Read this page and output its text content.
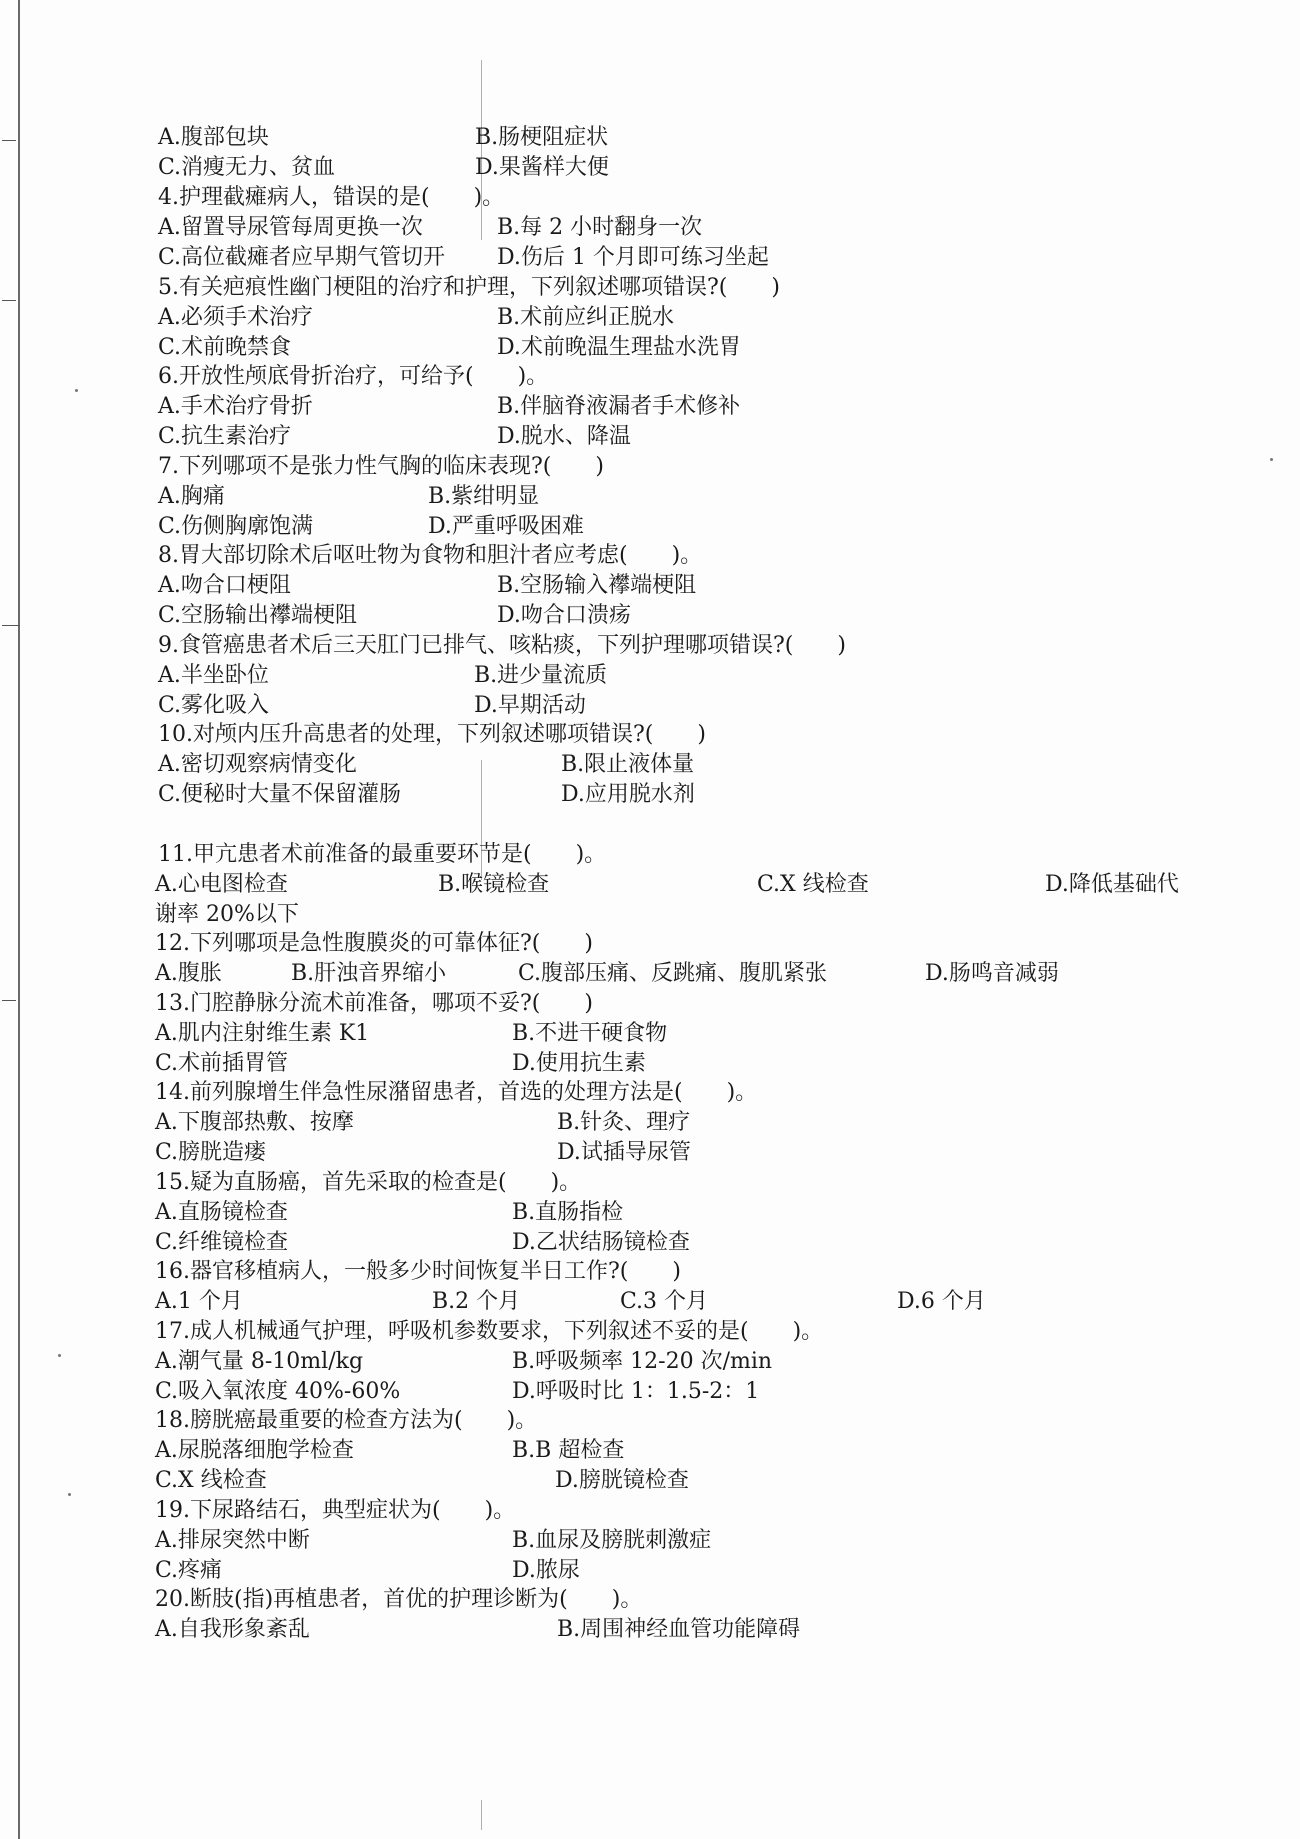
A.腹部包块	B.肠梗阻症状
C.消瘦无力、贫血	D.果酱样大便
4.护理截瘫病人，错误的是(　　)。
A.留置导尿管每周更换一次	B.每 2 小时翻身一次
C.高位截瘫者应早期气管切开 D.伤后 1 个月即可练习坐起
5.有关疤痕性幽门梗阻的治疗和护理，下列叙述哪项错误?(　　)
A.必须手术治疗	B.术前应纠正脱水
C.术前晚禁食	D.术前晚温生理盐水洗胃
6.开放性颅底骨折治疗，可给予(　　)。
A.手术治疗骨折	B.伴脑脊液漏者手术修补
C.抗生素治疗	D.脱水、降温
7.下列哪项不是张力性气胸的临床表现?(　　)
A.胸痛	B.紫绀明显
C.伤侧胸廓饱满	D.严重呼吸困难
8.胃大部切除术后呕吐物为食物和胆汁者应考虑(　　)。
A.吻合口梗阻	B.空肠输入襻端梗阻
C.空肠输出襻端梗阻	D.吻合口溃疡
9.食管癌患者术后三天肛门已排气、咳粘痰，下列护理哪项错误?(　　)
A.半坐卧位	B.进少量流质
C.雾化吸入	D.早期活动
10.对颅内压升高患者的处理，下列叙述哪项错误?(　　)
A.密切观察病情变化	B.限止液体量
C.便秘时大量不保留灌肠	D.应用脱水剂
11.甲亢患者术前准备的最重要环节是(　　)。
A.心电图检查	B.喉镜检查	C.X 线检查	D.降低基础代
谢率 20%以下
12.下列哪项是急性腹膜炎的可靠体征?(　　)
A.腹胀	B.肝浊音界缩小	C.腹部压痛、反跳痛、腹肌紧张	D.肠鸣音减弱
13.门腔静脉分流术前准备，哪项不妥?(　　)
A.肌内注射维生素 K1	B.不进干硬食物
C.术前插胃管	D.使用抗生素
14.前列腺增生伴急性尿潴留患者，首选的处理方法是(　　)。
A.下腹部热敷、按摩	B.针灸、理疗
C.膀胱造瘘	D.试插导尿管
15.疑为直肠癌，首先采取的检查是(　　)。
A.直肠镜检查	B.直肠指检
C.纤维镜检查	D.乙状结肠镜检查
16.器官移植病人，一般多少时间恢复半日工作?(　　)
A.1 个月	B.2 个月	C.3 个月	D.6 个月
17.成人机械通气护理，呼吸机参数要求，下列叙述不妥的是(　　)。
A.潮气量 8-10ml/kg	B.呼吸频率 12-20 次/min
C.吸入氧浓度 40%-60%	D.呼吸时比 1：1.5-2：1
18.膀胱癌最重要的检查方法为(　　)。
A.尿脱落细胞学检查	B.B 超检查
C.X 线检查	D.膀胱镜检查
19.下尿路结石，典型症状为(　　)。
A.排尿突然中断	B.血尿及膀胱刺激症
C.疼痛	D.脓尿
20.断肢(指)再植患者，首优的护理诊断为(　　)。
A.自我形象紊乱	B.周围神经血管功能障碍
